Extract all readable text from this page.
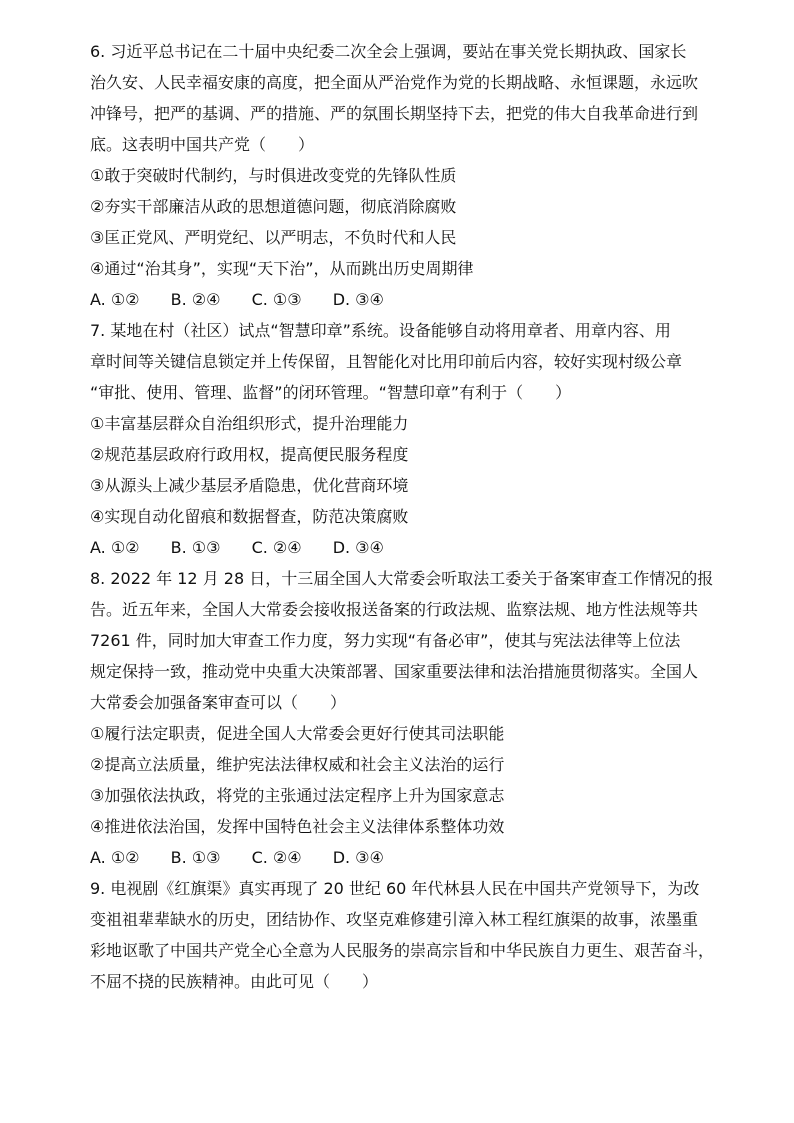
6. 习近平总书记在二十届中央纪委二次全会上强调，要站在事关党长期执政、国家长
治久安、人民幸福安康的高度，把全面从严治党作为党的长期战略、永恒课题，永远吹
冲锋号，把严的基调、严的措施、严的氛围长期坚持下去，把党的伟大自我革命进行到
底。这表明中国共产党（　　）
①敢于突破时代制约，与时俱进改变党的先锋队性质
②夯实干部廉洁从政的思想道德问题，彻底消除腐败
③匡正党风、严明党纪、以严明志，不负时代和人民
④通过“治其身”，实现“天下治”，从而跳出历史周期律
A. ①② B. ②④ C. ①③ D. ③④
7. 某地在村（社区）试点“智慧印章”系统。设备能够自动将用章者、用章内容、用
章时间等关键信息锁定并上传保留，且智能化对比用印前后内容，较好实现村级公章
“审批、使用、管理、监督”的闭环管理。“智慧印章”有利于（　　）
①丰富基层群众自治组织形式，提升治理能力
②规范基层政府行政用权，提高便民服务程度
③从源头上减少基层矛盾隐患，优化营商环境
④实现自动化留痕和数据督查，防范决策腐败
A. ①② B. ①③ C. ②④ D. ③④
8. 2022 年 12 月 28 日，十三届全国人大常委会听取法工委关于备案审查工作情况的报
告。近五年来，全国人大常委会接收报送备案的行政法规、监察法规、地方性法规等共
7261 件，同时加大审查工作力度，努力实现“有备必审”，使其与宪法法律等上位法
规定保持一致，推动党中央重大决策部署、国家重要法律和法治措施贯彻落实。全国人
大常委会加强备案审查可以（　　）
①履行法定职责，促进全国人大常委会更好行使其司法职能
②提高立法质量，维护宪法法律权威和社会主义法治的运行
③加强依法执政，将党的主张通过法定程序上升为国家意志
④推进依法治国，发挥中国特色社会主义法律体系整体功效
A. ①② B. ①③ C. ②④ D. ③④
9. 电视剧《红旗渠》真实再现了 20 世纪 60 年代林县人民在中国共产党领导下，为改
变祖祖辈辈缺水的历史，团结协作、攻坚克难修建引漳入林工程红旗渠的故事，浓墨重
彩地讴歌了中国共产党全心全意为人民服务的崇高宗旨和中华民族自力更生、艰苦奋斗，
不屈不挠的民族精神。由此可见（　　）
